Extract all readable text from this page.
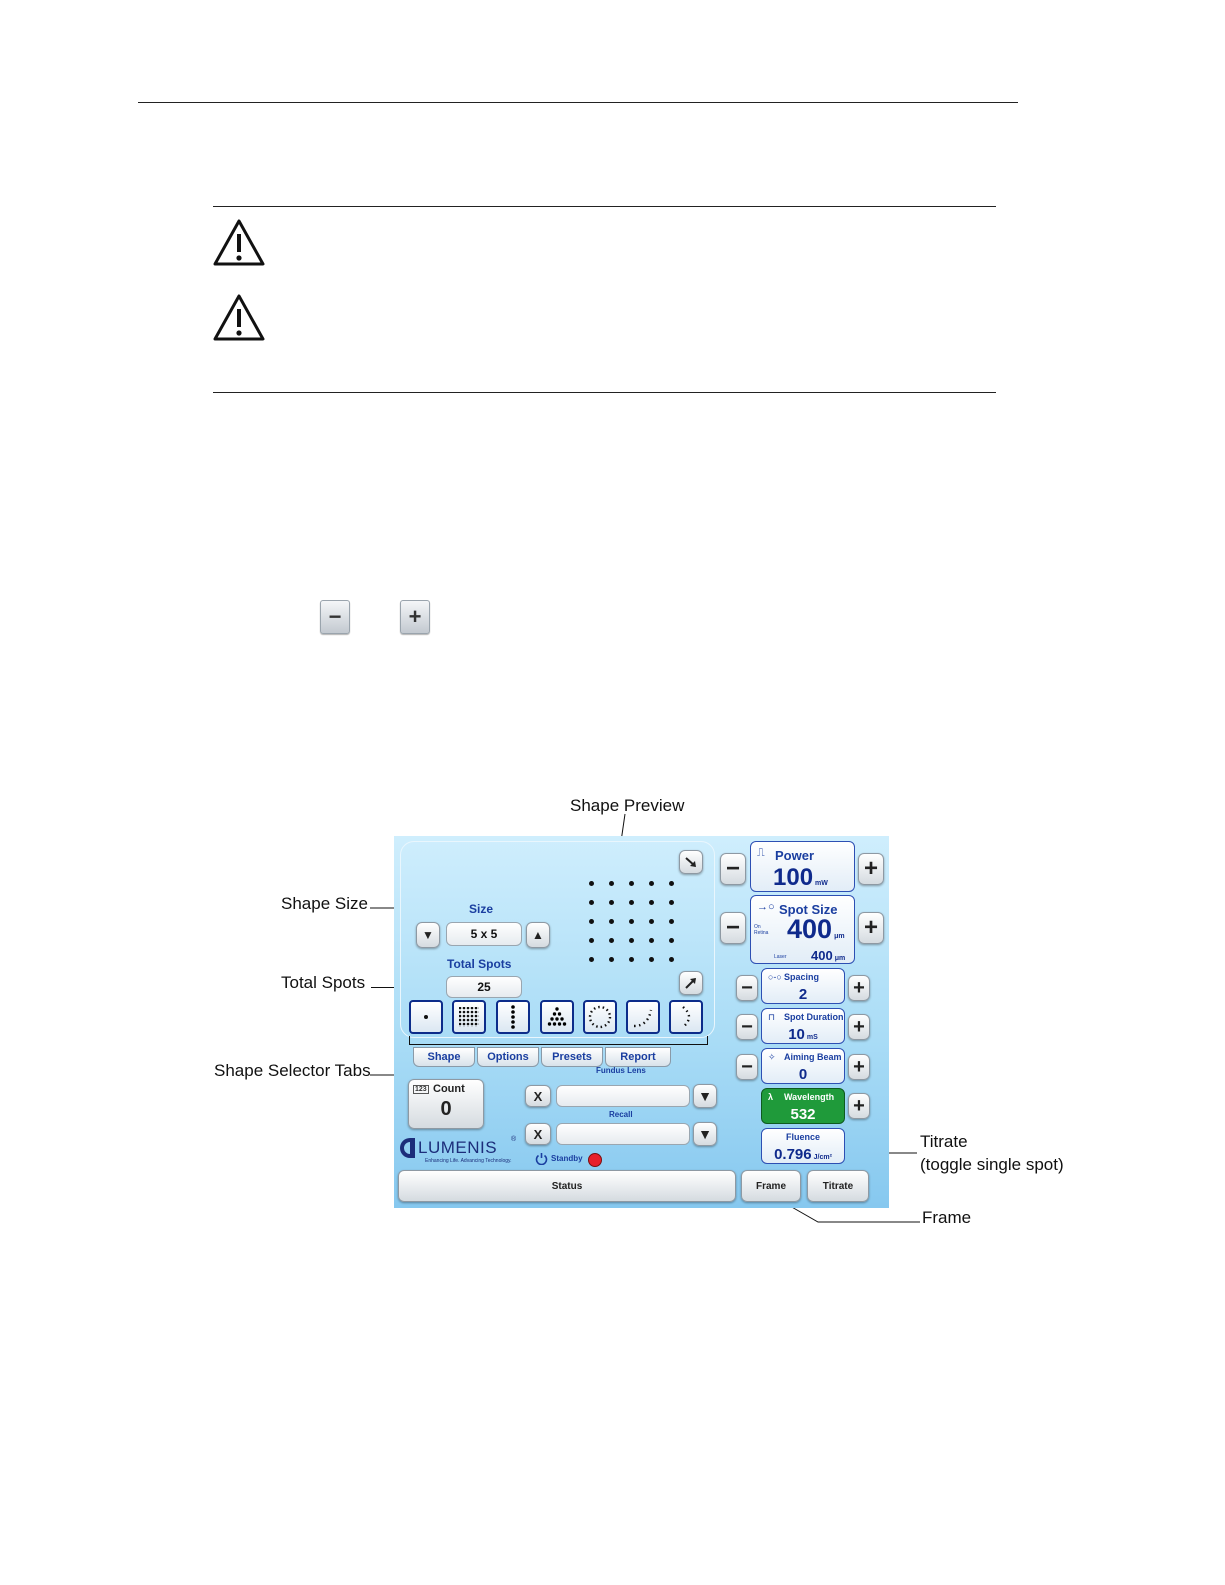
−	+
Shape Preview
Shape Size
Total Spots
Shape Selector Tabs
Titrate
(toggle single spot)
Frame
Size
▼	5 x 5	▲
Total Spots
25
Shape	Options	Presets	Report
123 Count
0
LUMENIS ®
Enhancing Life. Advancing Technology.
Fundus Lens
X	▼
Recall
X	▼
Standby
Status	Frame	Titrate
−
⎍ Power
100 mW
+
−
→○ Spot Size
On Retina 400 μm
Laser 400 μm
+
− ○-○ Spacing
2	+
− ⊓ Spot Duration
10 mS	+
− ✧ Aiming Beam
0	+
λ Wavelength
532	+
Fluence
0.796 J/cm²
